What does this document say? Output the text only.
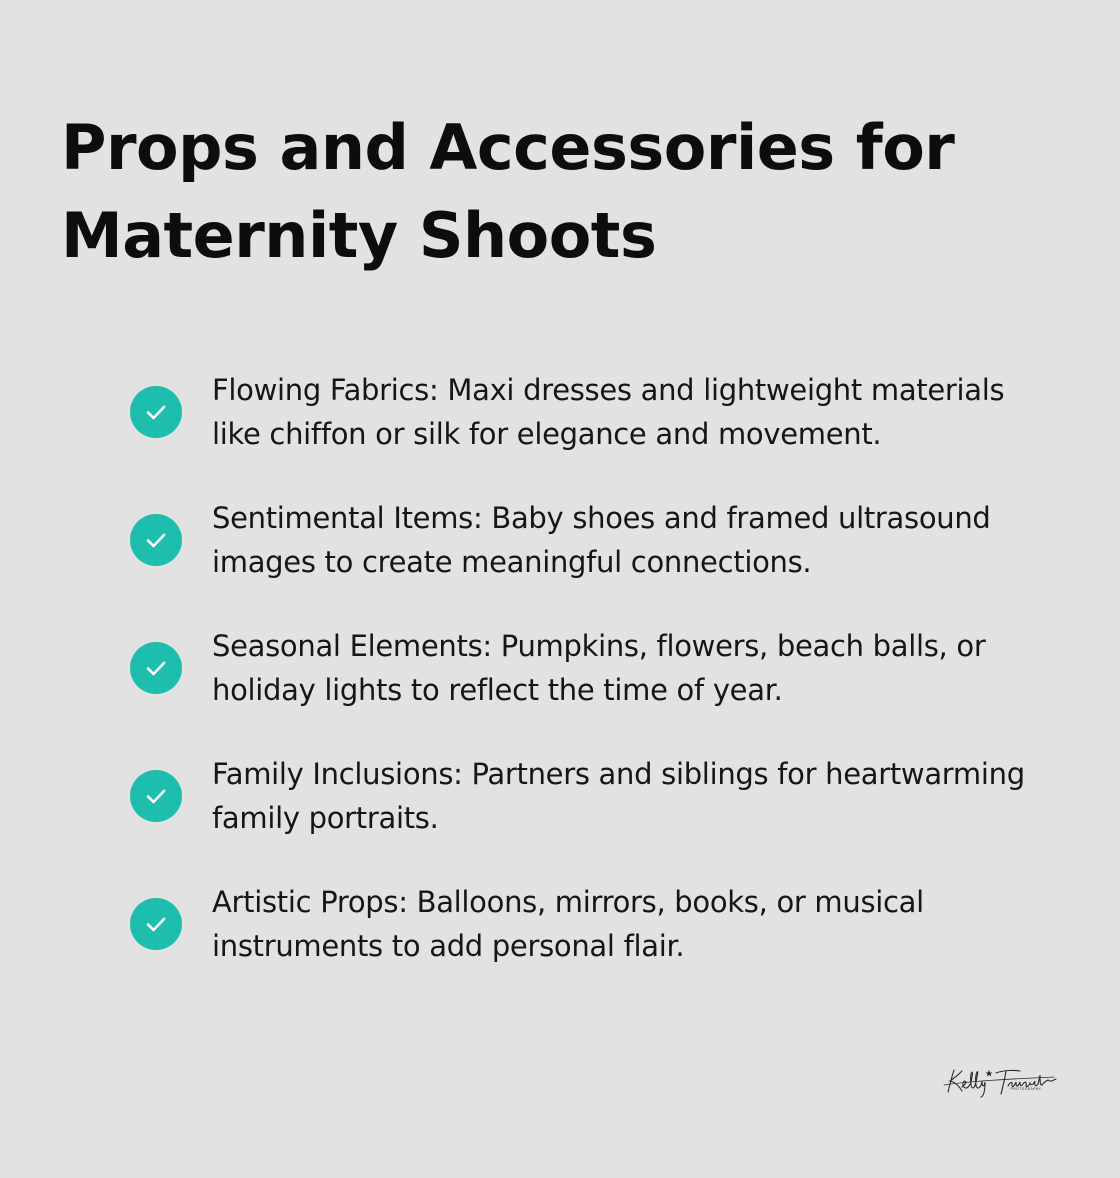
Props and Accessories for Maternity Shoots
Flowing Fabrics: Maxi dresses and lightweight materials like chiffon or silk for elegance and movement.
Sentimental Items: Baby shoes and framed ultrasound images to create meaningful connections.
Seasonal Elements: Pumpkins, flowers, beach balls, or holiday lights to reflect the time of year.
Family Inclusions: Partners and siblings for heartwarming family portraits.
Artistic Props: Balloons, mirrors, books, or musical instruments to add personal flair.
PHOTOGRAPHY
